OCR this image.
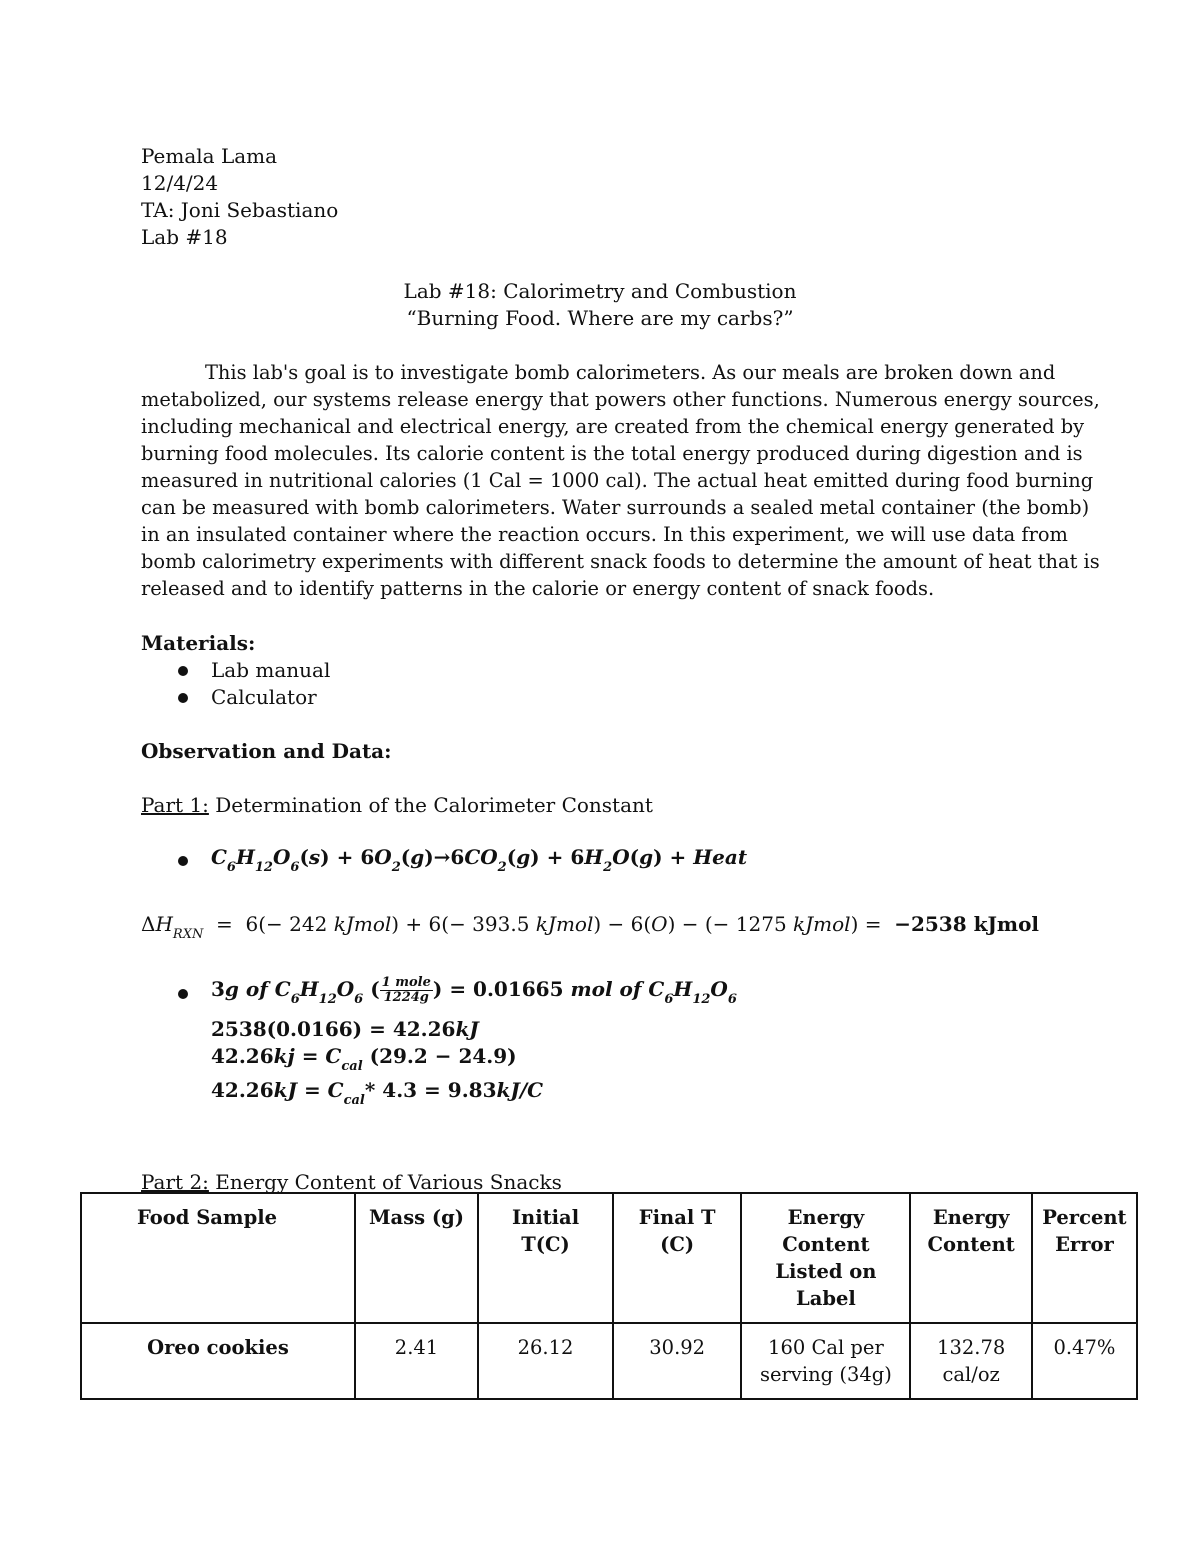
Pemala Lama
12/4/24
TA: Joni Sebastiano
Lab #18
Lab #18: Calorimetry and Combustion
“Burning Food. Where are my carbs?”
This lab's goal is to investigate bomb calorimeters. As our meals are broken down and
metabolized, our systems release energy that powers other functions. Numerous energy sources,
including mechanical and electrical energy, are created from the chemical energy generated by
burning food molecules. Its calorie content is the total energy produced during digestion and is
measured in nutritional calories (1 Cal = 1000 cal). The actual heat emitted during food burning
can be measured with bomb calorimeters. Water surrounds a sealed metal container (the bomb)
in an insulated container where the reaction occurs. In this experiment, we will use data from
bomb calorimetry experiments with different snack foods to determine the amount of heat that is
released and to identify patterns in the calorie or energy content of snack foods.
Materials:
Lab manual
Calculator
Observation and Data:
Part 1: Determination of the Calorimeter Constant
$C_6H_{12}O_6(s) + 6O_2(g)\to 6CO_2(g) + 6H_2O(g)$ + Heat
$\Delta H_{RXN} = 6(- 242$ kJmol) + 6(− 393.5 kJmol) − 6(O) − (− 1275 kJmol) =  −2538 kJmol
3g of $C_6H_{12}O_6$ ( $\frac{\text{1 mole}}{1224g}$ ) = 0.01665 mol of $C_6H_{12}O_6$
2538(0.0166) = 42.26kJ
$42.26kj = C_{cal}$ (29.2 − 24.9)
$42.26kJ = C_{cal}*$ 4.3 = 9.83kJ/C
Part 2: Energy Content of Various Snacks
Food Sample	Mass (g)	Initial T(C)	Final T (C)	Energy Content Listed on Label	Energy Content	Percent Error
Oreo cookies	2.41	26.12	30.92	160 Cal per serving (34g)	132.78 cal/oz	0.47%
